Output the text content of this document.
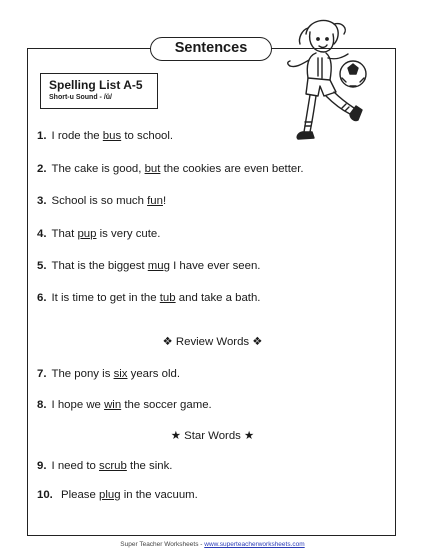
Sentences
Spelling List A-5
Short-u Sound - /ŭ/
1. I rode the bus to school.
2. The cake is good, but the cookies are even better.
3. School is so much fun!
4. That pup is very cute.
5. That is the biggest mug I have ever seen.
6. It is time to get in the tub and take a bath.
❖ Review Words ❖
7. The pony is six years old.
8. I hope we win the soccer game.
★ Star Words ★
9. I need to scrub the sink.
10. Please plug in the vacuum.
Super Teacher Worksheets - www.superteacherworksheets.com
